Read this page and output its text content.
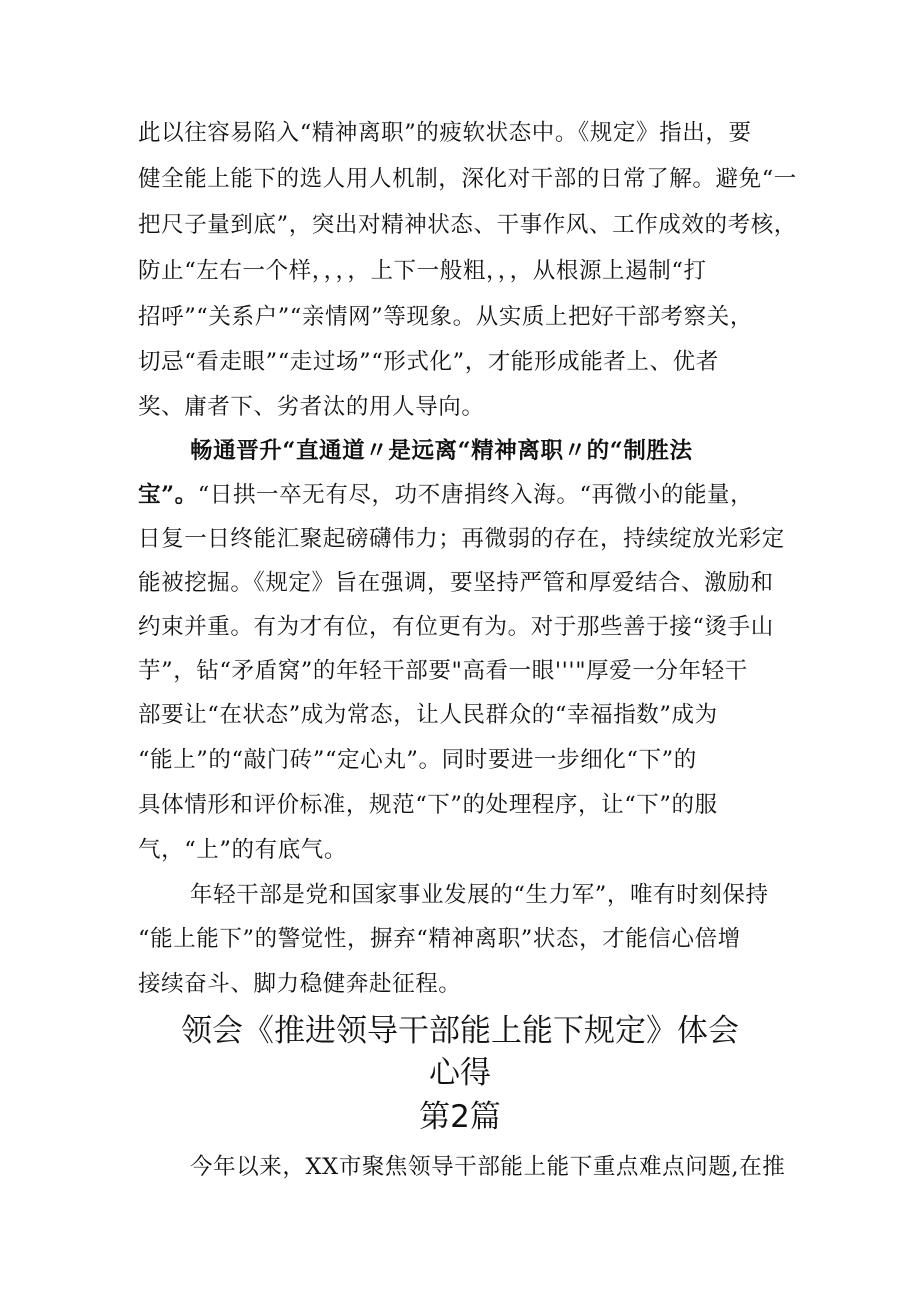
此以往容易陷入“精神离职”的疲软状态中。《规定》指出，要
健全能上能下的选人用人机制，深化对干部的日常了解。避免“一
把尺子量到底”，突出对精神状态、干事作风、工作成效的考核，
防止“左右一个样，，，，上下一般粗，，，从根源上遏制“打
招呼”“关系户”“亲情网”等现象。从实质上把好干部考察关，
切忌“看走眼”“走过场”“形式化”，才能形成能者上、优者
奖、庸者下、劣者汰的用人导向。
畅通晋升“直通道〃是远离“精神离职〃的“制胜法
宝”。“日拱一卒无有尽，功不唐捐终入海。“再微小的能量，
日复一日终能汇聚起磅礴伟力；再微弱的存在，持续绽放光彩定
能被挖掘。《规定》旨在强调，要坚持严管和厚爱结合、激励和
约束并重。有为才有位，有位更有为。对于那些善于接“烫手山
芋”，钻“矛盾窝”的年轻干部要"高看一眼'''"厚爱一分年轻干
部要让“在状态”成为常态，让人民群众的“幸福指数”成为
“能上”的“敲门砖”“定心丸”。同时要进一步细化“下”的
具体情形和评价标准，规范“下”的处理程序，让“下”的服
气，“上”的有底气。
年轻干部是党和国家事业发展的“生力军”，唯有时刻保持
“能上能下”的警觉性，摒弃“精神离职”状态，才能信心倍增
接续奋斗、脚力稳健奔赴征程。
领会《推进领导干部能上能下规定》体会
心得
第2篇
今年以来，XX市聚焦领导干部能上能下重点难点问题,在推
